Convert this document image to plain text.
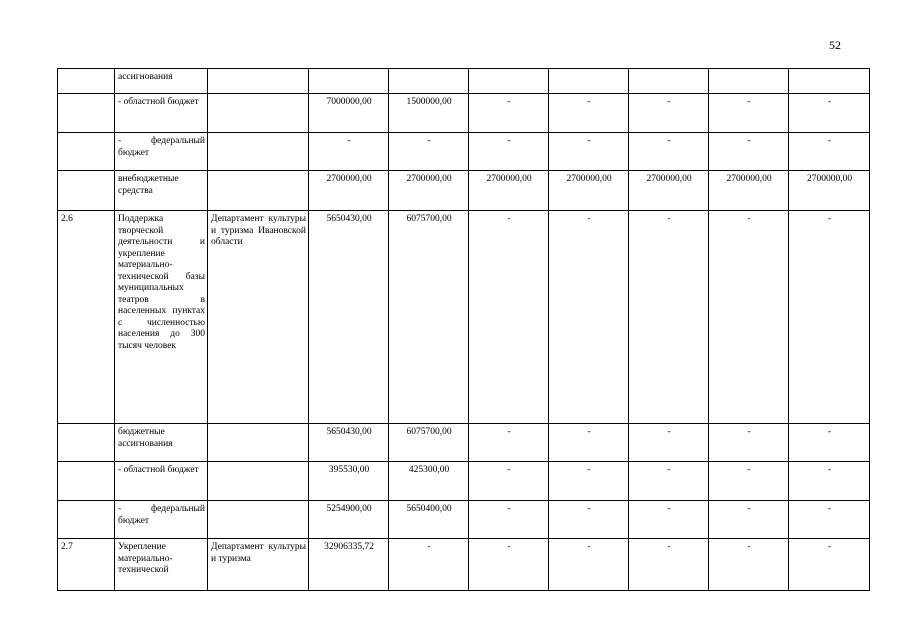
52
	ассигнования								
	- областной бюджет		7000000,00	1500000,00	-	-	-	-	-
	- федеральный бюджет		-	-	-	-	-	-	-
	внебюджетные средства		2700000,00	2700000,00	2700000,00	2700000,00	2700000,00	2700000,00	2700000,00
2.6	Поддержка творческой деятельности и укрепление материально-технической базы муниципальных театров в населенных пунктах с численностью населения до 300 тысяч человек	Департамент культуры и туризма Ивановской области	5650430,00	6075700,00	-	-	-	-	-
	бюджетные ассигнования		5650430,00	6075700,00	-	-	-	-	-
	- областной бюджет		395530,00	425300,00	-	-	-	-	-
	- федеральный бюджет		5254900,00	5650400,00	-	-	-	-	-
2.7	Укрепление материально-технической	Департамент культуры и туризма	32906335,72	-	-	-	-	-	-
